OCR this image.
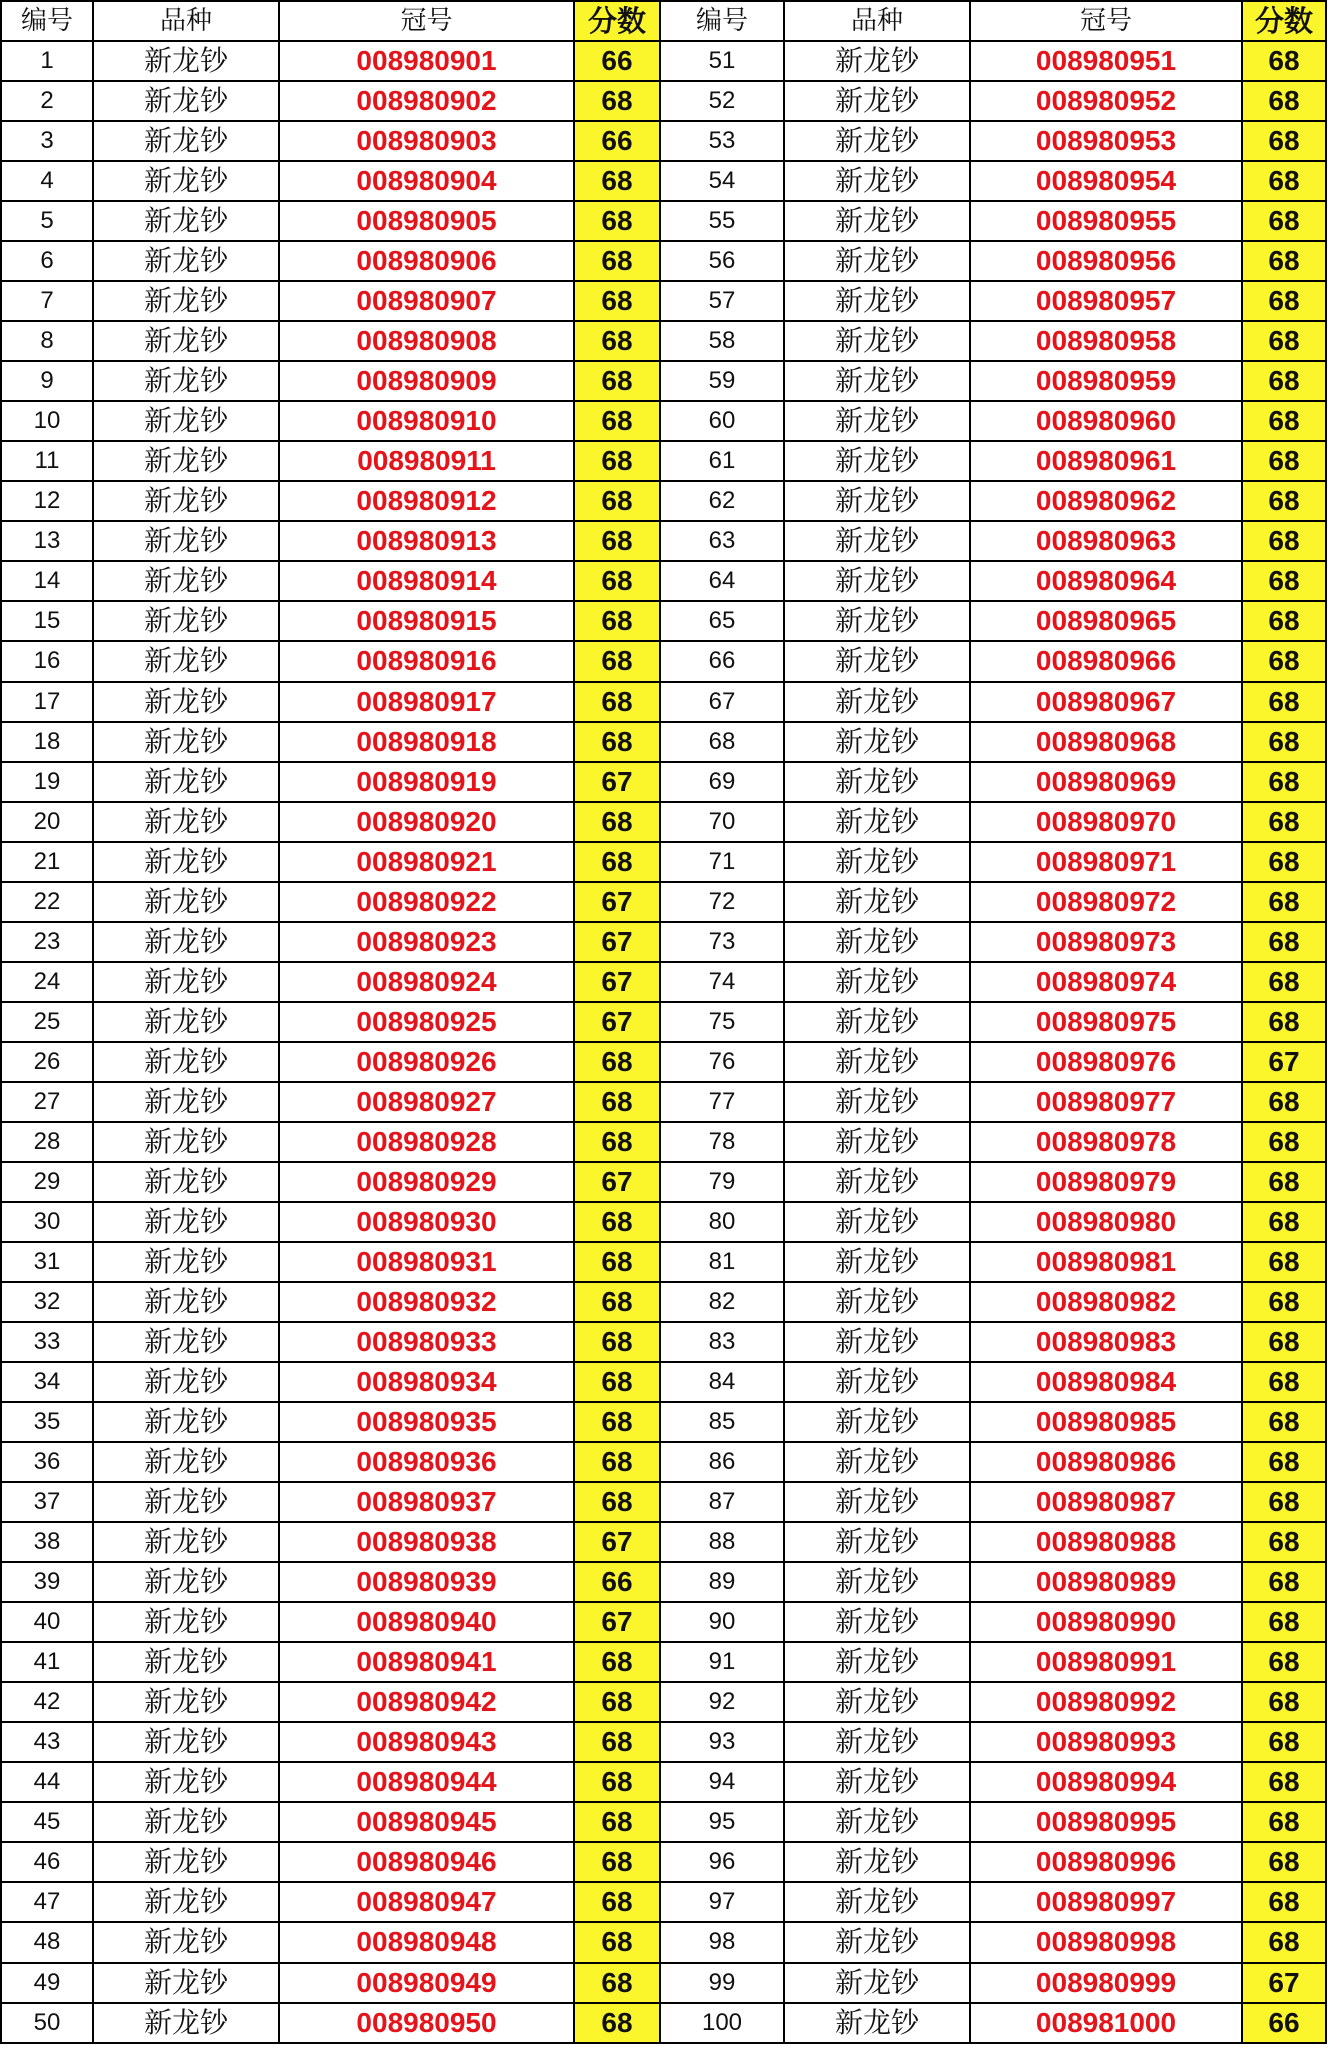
编号	品种	冠号	分数	编号	品种	冠号	分数
1	新龙钞	008980901	66	51	新龙钞	008980951	68
2	新龙钞	008980902	68	52	新龙钞	008980952	68
3	新龙钞	008980903	66	53	新龙钞	008980953	68
4	新龙钞	008980904	68	54	新龙钞	008980954	68
5	新龙钞	008980905	68	55	新龙钞	008980955	68
6	新龙钞	008980906	68	56	新龙钞	008980956	68
7	新龙钞	008980907	68	57	新龙钞	008980957	68
8	新龙钞	008980908	68	58	新龙钞	008980958	68
9	新龙钞	008980909	68	59	新龙钞	008980959	68
10	新龙钞	008980910	68	60	新龙钞	008980960	68
11	新龙钞	008980911	68	61	新龙钞	008980961	68
12	新龙钞	008980912	68	62	新龙钞	008980962	68
13	新龙钞	008980913	68	63	新龙钞	008980963	68
14	新龙钞	008980914	68	64	新龙钞	008980964	68
15	新龙钞	008980915	68	65	新龙钞	008980965	68
16	新龙钞	008980916	68	66	新龙钞	008980966	68
17	新龙钞	008980917	68	67	新龙钞	008980967	68
18	新龙钞	008980918	68	68	新龙钞	008980968	68
19	新龙钞	008980919	67	69	新龙钞	008980969	68
20	新龙钞	008980920	68	70	新龙钞	008980970	68
21	新龙钞	008980921	68	71	新龙钞	008980971	68
22	新龙钞	008980922	67	72	新龙钞	008980972	68
23	新龙钞	008980923	67	73	新龙钞	008980973	68
24	新龙钞	008980924	67	74	新龙钞	008980974	68
25	新龙钞	008980925	67	75	新龙钞	008980975	68
26	新龙钞	008980926	68	76	新龙钞	008980976	67
27	新龙钞	008980927	68	77	新龙钞	008980977	68
28	新龙钞	008980928	68	78	新龙钞	008980978	68
29	新龙钞	008980929	67	79	新龙钞	008980979	68
30	新龙钞	008980930	68	80	新龙钞	008980980	68
31	新龙钞	008980931	68	81	新龙钞	008980981	68
32	新龙钞	008980932	68	82	新龙钞	008980982	68
33	新龙钞	008980933	68	83	新龙钞	008980983	68
34	新龙钞	008980934	68	84	新龙钞	008980984	68
35	新龙钞	008980935	68	85	新龙钞	008980985	68
36	新龙钞	008980936	68	86	新龙钞	008980986	68
37	新龙钞	008980937	68	87	新龙钞	008980987	68
38	新龙钞	008980938	67	88	新龙钞	008980988	68
39	新龙钞	008980939	66	89	新龙钞	008980989	68
40	新龙钞	008980940	67	90	新龙钞	008980990	68
41	新龙钞	008980941	68	91	新龙钞	008980991	68
42	新龙钞	008980942	68	92	新龙钞	008980992	68
43	新龙钞	008980943	68	93	新龙钞	008980993	68
44	新龙钞	008980944	68	94	新龙钞	008980994	68
45	新龙钞	008980945	68	95	新龙钞	008980995	68
46	新龙钞	008980946	68	96	新龙钞	008980996	68
47	新龙钞	008980947	68	97	新龙钞	008980997	68
48	新龙钞	008980948	68	98	新龙钞	008980998	68
49	新龙钞	008980949	68	99	新龙钞	008980999	67
50	新龙钞	008980950	68	100	新龙钞	008981000	66
